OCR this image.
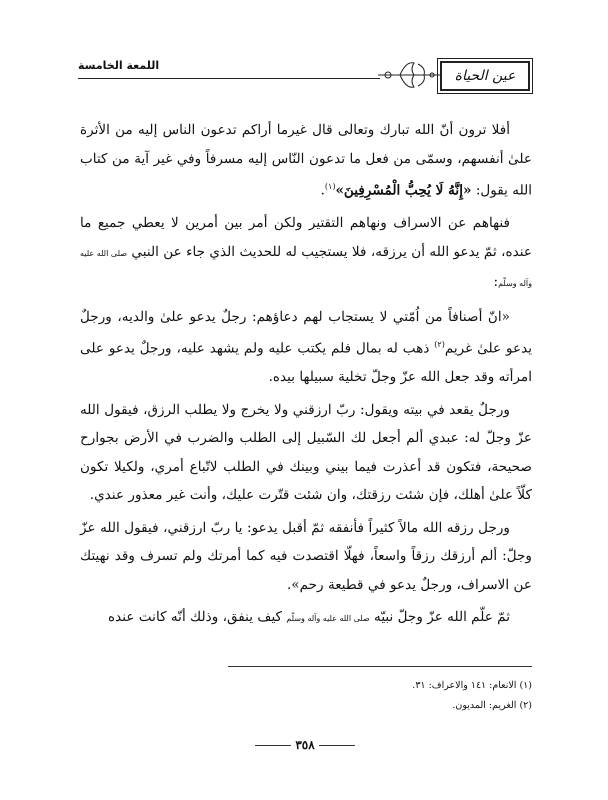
اللمعة الخامسة
عين الحياة

أفلا ترون أنّ الله تبارك وتعالى قال غيرما أراكم تدعون الناس إليه من الأثرة علىٰ أنفسهم، وسمّى من فعل ما تدعون النّاس إليه مسرفاً وفي غير آية من كتاب الله يقول: «إِنَّهُ لَا يُحِبُّ الْمُسْرِفِينَ»$^{(١)}$.

فنهاهم عن الاسراف ونهاهم التقتير ولكن أمر بين أمرين لا يعطي جميع ما عنده، ثمّ يدعو الله أن يرزقه، فلا يستجيب له للحديث الذي جاء عن النبي صلى الله عليه وآله وسلّم:

«انّ أصنافاً من اُمّتي لا يستجاب لهم دعاؤهم: رجلٌ يدعو علىٰ والديه، ورجلٌ يدعو علىٰ غريم$^{(٢)}$ ذهب له بمال فلم يكتب عليه ولم يشهد عليه، ورجلٌ يدعو على امرأته وقد جعل الله عزّ وجلّ تخلية سبيلها بيده.

ورجلٌ يقعد في بيته ويقول: ربّ ارزقني ولا يخرج ولا يطلب الرزق، فيقول الله عزّ وجلّ له: عبدي ألم أجعل لك السّبيل إلى الطلب والضرب في الأرض بجوارح صحيحة، فتكون قد أعذرت فيما بيني وبينك في الطلب لاتّباع أمري، ولكيلا تكون كلّاً علىٰ أهلك، فإن شئت رزقتك، وان شئت قتّرت عليك، وأنت غير معذور عندي.

ورجل رزقه الله مالاً كثيراً فأنفقه ثمّ أقبل يدعو: يا ربّ ارزقني، فيقول الله عزّ وجلّ: ألم أرزقك رزقاً واسعاً، فهلّا اقتصدت فيه كما أمرتك ولم تسرف وقد نهيتك عن الاسراف، ورجلٌ يدعو في قطيعة رحم».

ثمّ علّم الله عزّ وجلّ نبيّه صلى الله عليه وآله وسلّم كيف ينفق، وذلك أنّه كانت عنده

(١) الانعام: ١٤١ والاعراف: ٣١.
(٢) الغريم: المديون.
٣٥٨
